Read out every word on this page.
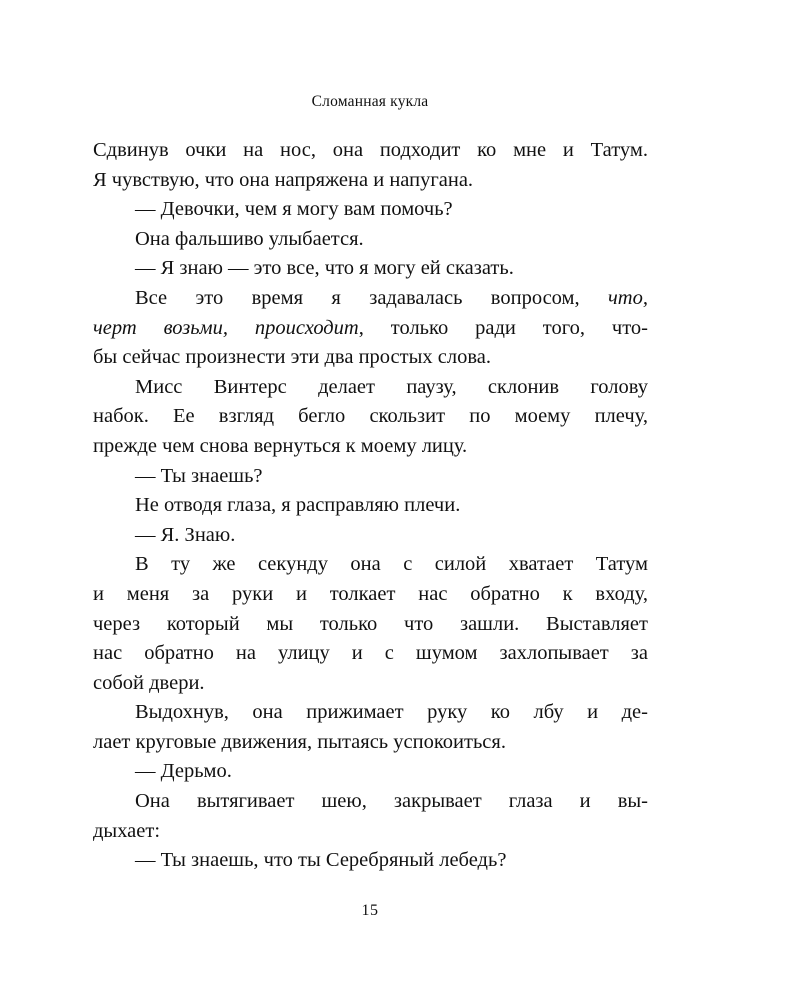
Сломанная кукла
Сдвинув очки на нос, она подходит ко мне и Татум.
Я чувствую, что она напряжена и напугана.
— Девочки, чем я могу вам помочь?
Она фальшиво улыбается.
— Я знаю — это все, что я могу ей сказать.
Все это время я задавалась вопросом, что,
черт возьми, происходит, только ради того, что-
бы сейчас произнести эти два простых слова.
Мисс Винтерс делает паузу, склонив голову
набок. Ее взгляд бегло скользит по моему плечу,
прежде чем снова вернуться к моему лицу.
— Ты знаешь?
Не отводя глаза, я расправляю плечи.
— Я. Знаю.
В ту же секунду она с силой хватает Татум
и меня за руки и толкает нас обратно к входу,
через который мы только что зашли. Выставляет
нас обратно на улицу и с шумом захлопывает за
собой двери.
Выдохнув, она прижимает руку ко лбу и де-
лает круговые движения, пытаясь успокоиться.
— Дерьмо.
Она вытягивает шею, закрывает глаза и вы-
дыхает:
— Ты знаешь, что ты Серебряный лебедь?
15
